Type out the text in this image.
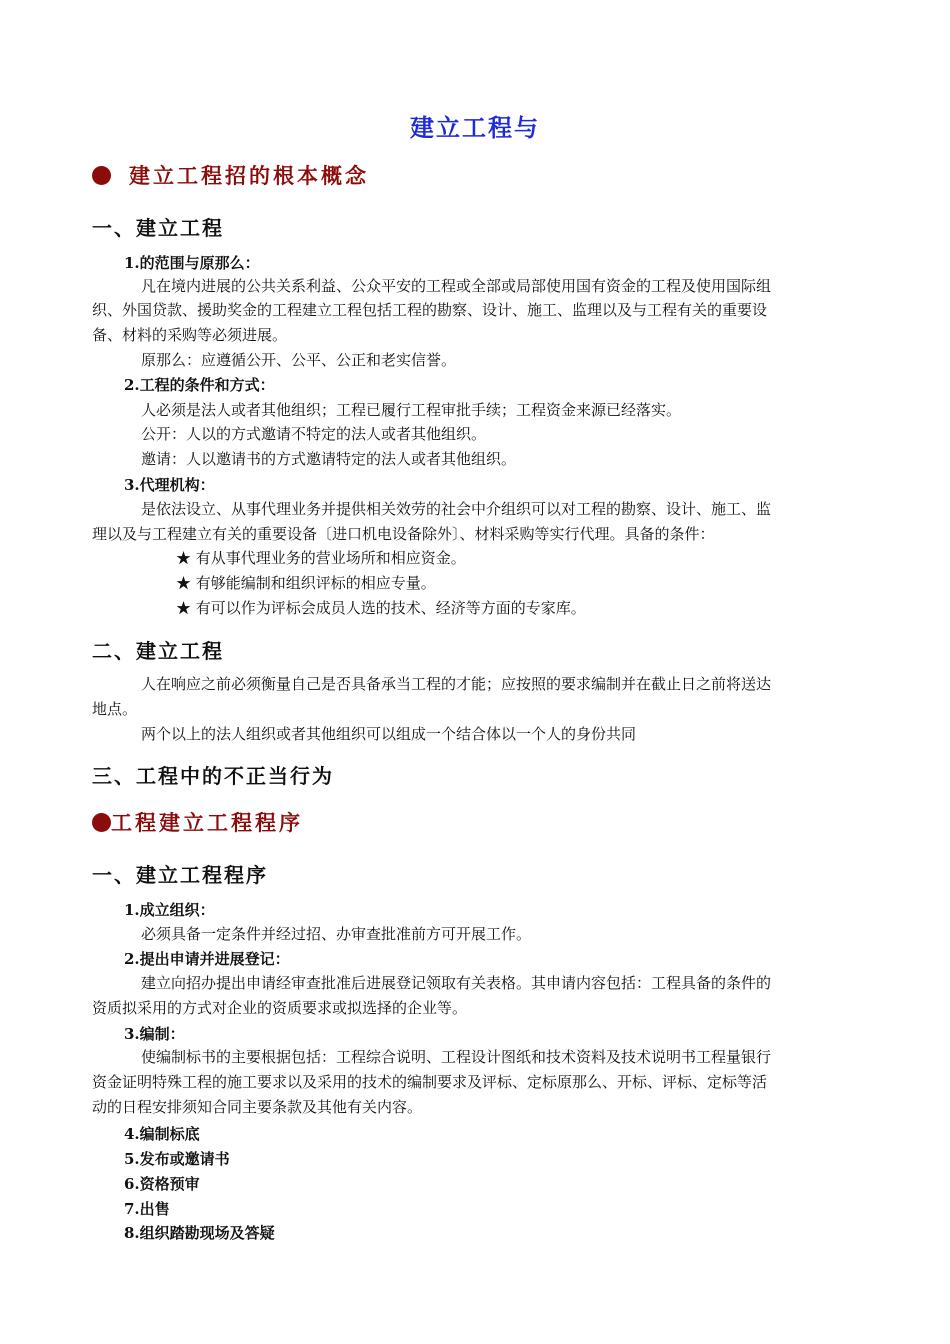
建立工程与
建立工程招的根本概念
一、建立工程
1.的范围与原那么：
凡在境内进展的公共关系利益、公众平安的工程或全部或局部使用国有资金的工程及使用国际组
织、外国贷款、援助奖金的工程建立工程包括工程的勘察、设计、施工、监理以及与工程有关的重要设
备、材料的采购等必须进展。
原那么：应遵循公开、公平、公正和老实信誉。
2.工程的条件和方式：
人必须是法人或者其他组织；工程已履行工程审批手续；工程资金来源已经落实。
公开：人以的方式邀请不特定的法人或者其他组织。
邀请：人以邀请书的方式邀请特定的法人或者其他组织。
3.代理机构：
是依法设立、从事代理业务并提供相关效劳的社会中介组织可以对工程的勘察、设计、施工、监
理以及与工程建立有关的重要设备〔进口机电设备除外〕、材料采购等实行代理。具备的条件：
★ 有从事代理业务的营业场所和相应资金。
★ 有够能编制和组织评标的相应专量。
★ 有可以作为评标会成员人选的技术、经济等方面的专家库。
二、建立工程
人在响应之前必须衡量自己是否具备承当工程的才能；应按照的要求编制并在截止日之前将送达
地点。
两个以上的法人组织或者其他组织可以组成一个结合体以一个人的身份共同
三、工程中的不正当行为
工程建立工程程序
一、建立工程程序
1.成立组织：
必须具备一定条件并经过招、办审查批准前方可开展工作。
2.提出申请并进展登记：
建立向招办提出申请经审查批准后进展登记领取有关表格。其申请内容包括：工程具备的条件的
资质拟采用的方式对企业的资质要求或拟选择的企业等。
3.编制：
使编制标书的主要根据包括：工程综合说明、工程设计图纸和技术资料及技术说明书工程量银行
资金证明特殊工程的施工要求以及采用的技术的编制要求及评标、定标原那么、开标、评标、定标等活
动的日程安排须知合同主要条款及其他有关内容。
4.编制标底
5.发布或邀请书
6.资格预审
7.出售
8.组织踏勘现场及答疑
